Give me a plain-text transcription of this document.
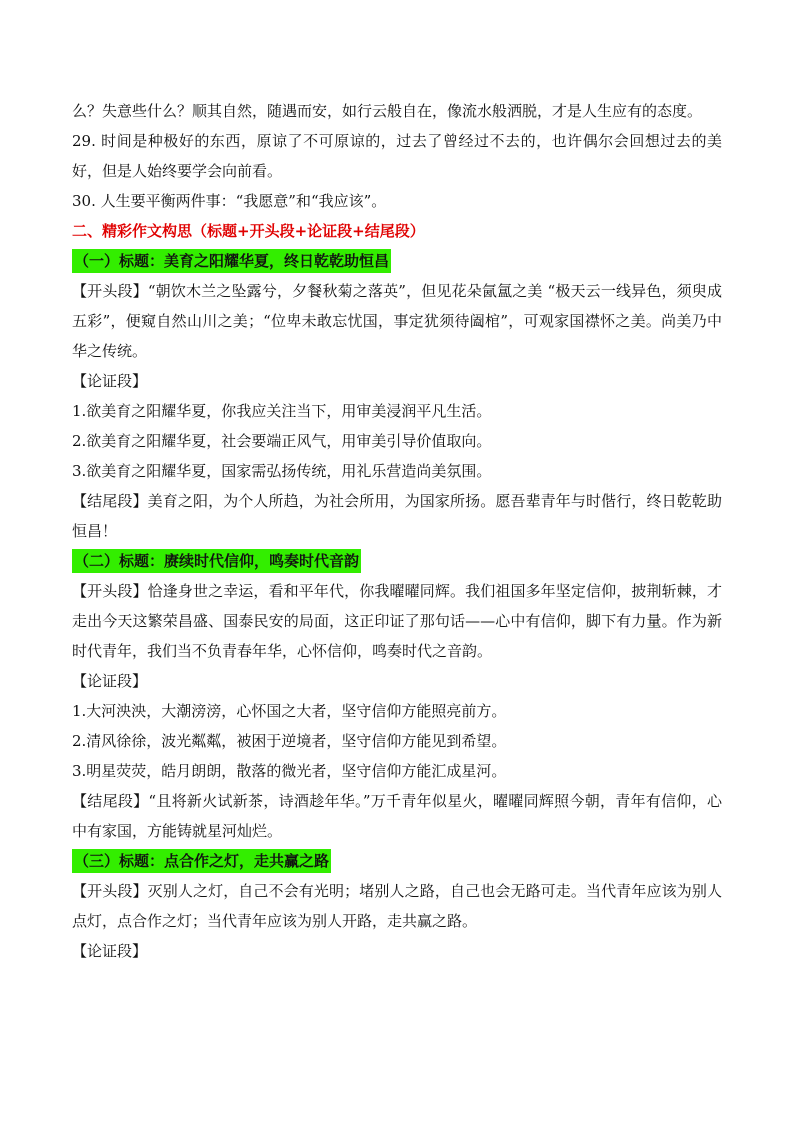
么？失意些什么？顺其自然，随遇而安，如行云般自在，像流水般洒脱，才是人生应有的态度。

29. 时间是种极好的东西，原谅了不可原谅的，过去了曾经过不去的，也许偶尔会回想过去的美好，但是人始终要学会向前看。

30. 人生要平衡两件事：“我愿意”和“我应该”。

二、精彩作文构思（标题+开头段+论证段+结尾段）

（一）标题：美育之阳耀华夏，终日乾乾助恒昌

【开头段】“朝饮木兰之坠露兮，夕餐秋菊之落英”，但见花朵氤氲之美 “极天云一线异色，须臾成五彩”，便窥自然山川之美；“位卑未敢忘忧国，事定犹须待阖棺”，可观家国襟怀之美。尚美乃中华之传统。

【论证段】

1.欲美育之阳耀华夏，你我应关注当下，用审美浸润平凡生活。

2.欲美育之阳耀华夏，社会要端正风气，用审美引导价值取向。

3.欲美育之阳耀华夏，国家需弘扬传统，用礼乐营造尚美氛围。

【结尾段】美育之阳，为个人所趋，为社会所用，为国家所扬。愿吾辈青年与时偕行，终日乾乾助恒昌！

（二）标题：赓续时代信仰，鸣奏时代音韵

【开头段】恰逢身世之幸运，看和平年代，你我曜曜同辉。我们祖国多年坚定信仰，披荆斩棘，才走出今天这繁荣昌盛、国泰民安的局面，这正印证了那句话——心中有信仰，脚下有力量。作为新时代青年，我们当不负青春年华，心怀信仰，鸣奏时代之音韵。

【论证段】

1.大河泱泱，大潮滂滂，心怀国之大者，坚守信仰方能照亮前方。

2.清风徐徐，波光粼粼，被困于逆境者，坚守信仰方能见到希望。

3.明星荧荧，皓月朗朗，散落的微光者，坚守信仰方能汇成星河。

【结尾段】“且将新火试新茶，诗酒趁年华。”万千青年似星火，曜曜同辉照今朝，青年有信仰，心中有家国，方能铸就星河灿烂。

（三）标题：点合作之灯，走共赢之路

【开头段】灭别人之灯，自己不会有光明；堵别人之路，自己也会无路可走。当代青年应该为别人点灯，点合作之灯；当代青年应该为别人开路，走共赢之路。

【论证段】
